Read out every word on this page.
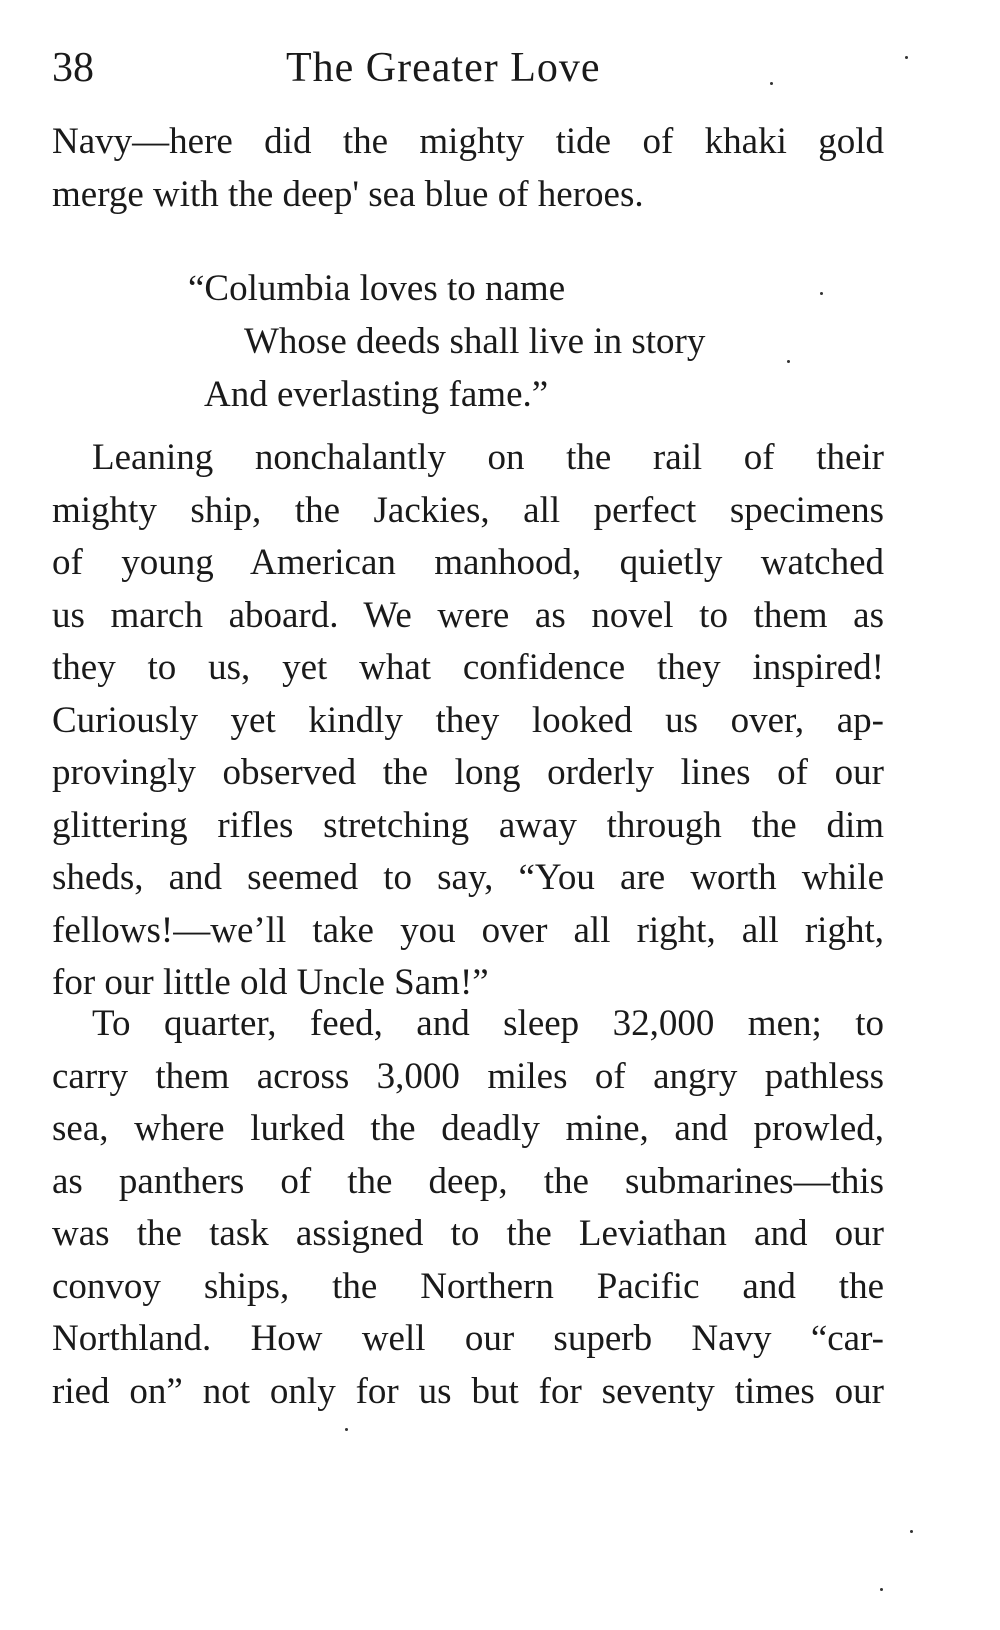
38	The Greater Love
Navy—here did the mighty tide of khaki gold
merge with the deep' sea blue of heroes.
“Columbia loves to name
Whose deeds shall live in story
And everlasting fame.”
Leaning nonchalantly on the rail of their
mighty ship, the Jackies, all perfect specimens
of young American manhood, quietly watched
us march aboard. We were as novel to them as
they to us, yet what confidence they inspired!
Curiously yet kindly they looked us over, ap-
provingly observed the long orderly lines of our
glittering rifles stretching away through the dim
sheds, and seemed to say, “You are worth while
fellows!—we’ll take you over all right, all right,
for our little old Uncle Sam!”
To quarter, feed, and sleep 32,000 men; to
carry them across 3,000 miles of angry pathless
sea, where lurked the deadly mine, and prowled,
as panthers of the deep, the submarines—this
was the task assigned to the Leviathan and our
convoy ships, the Northern Pacific and the
Northland. How well our superb Navy “car-
ried on” not only for us but for seventy times our
